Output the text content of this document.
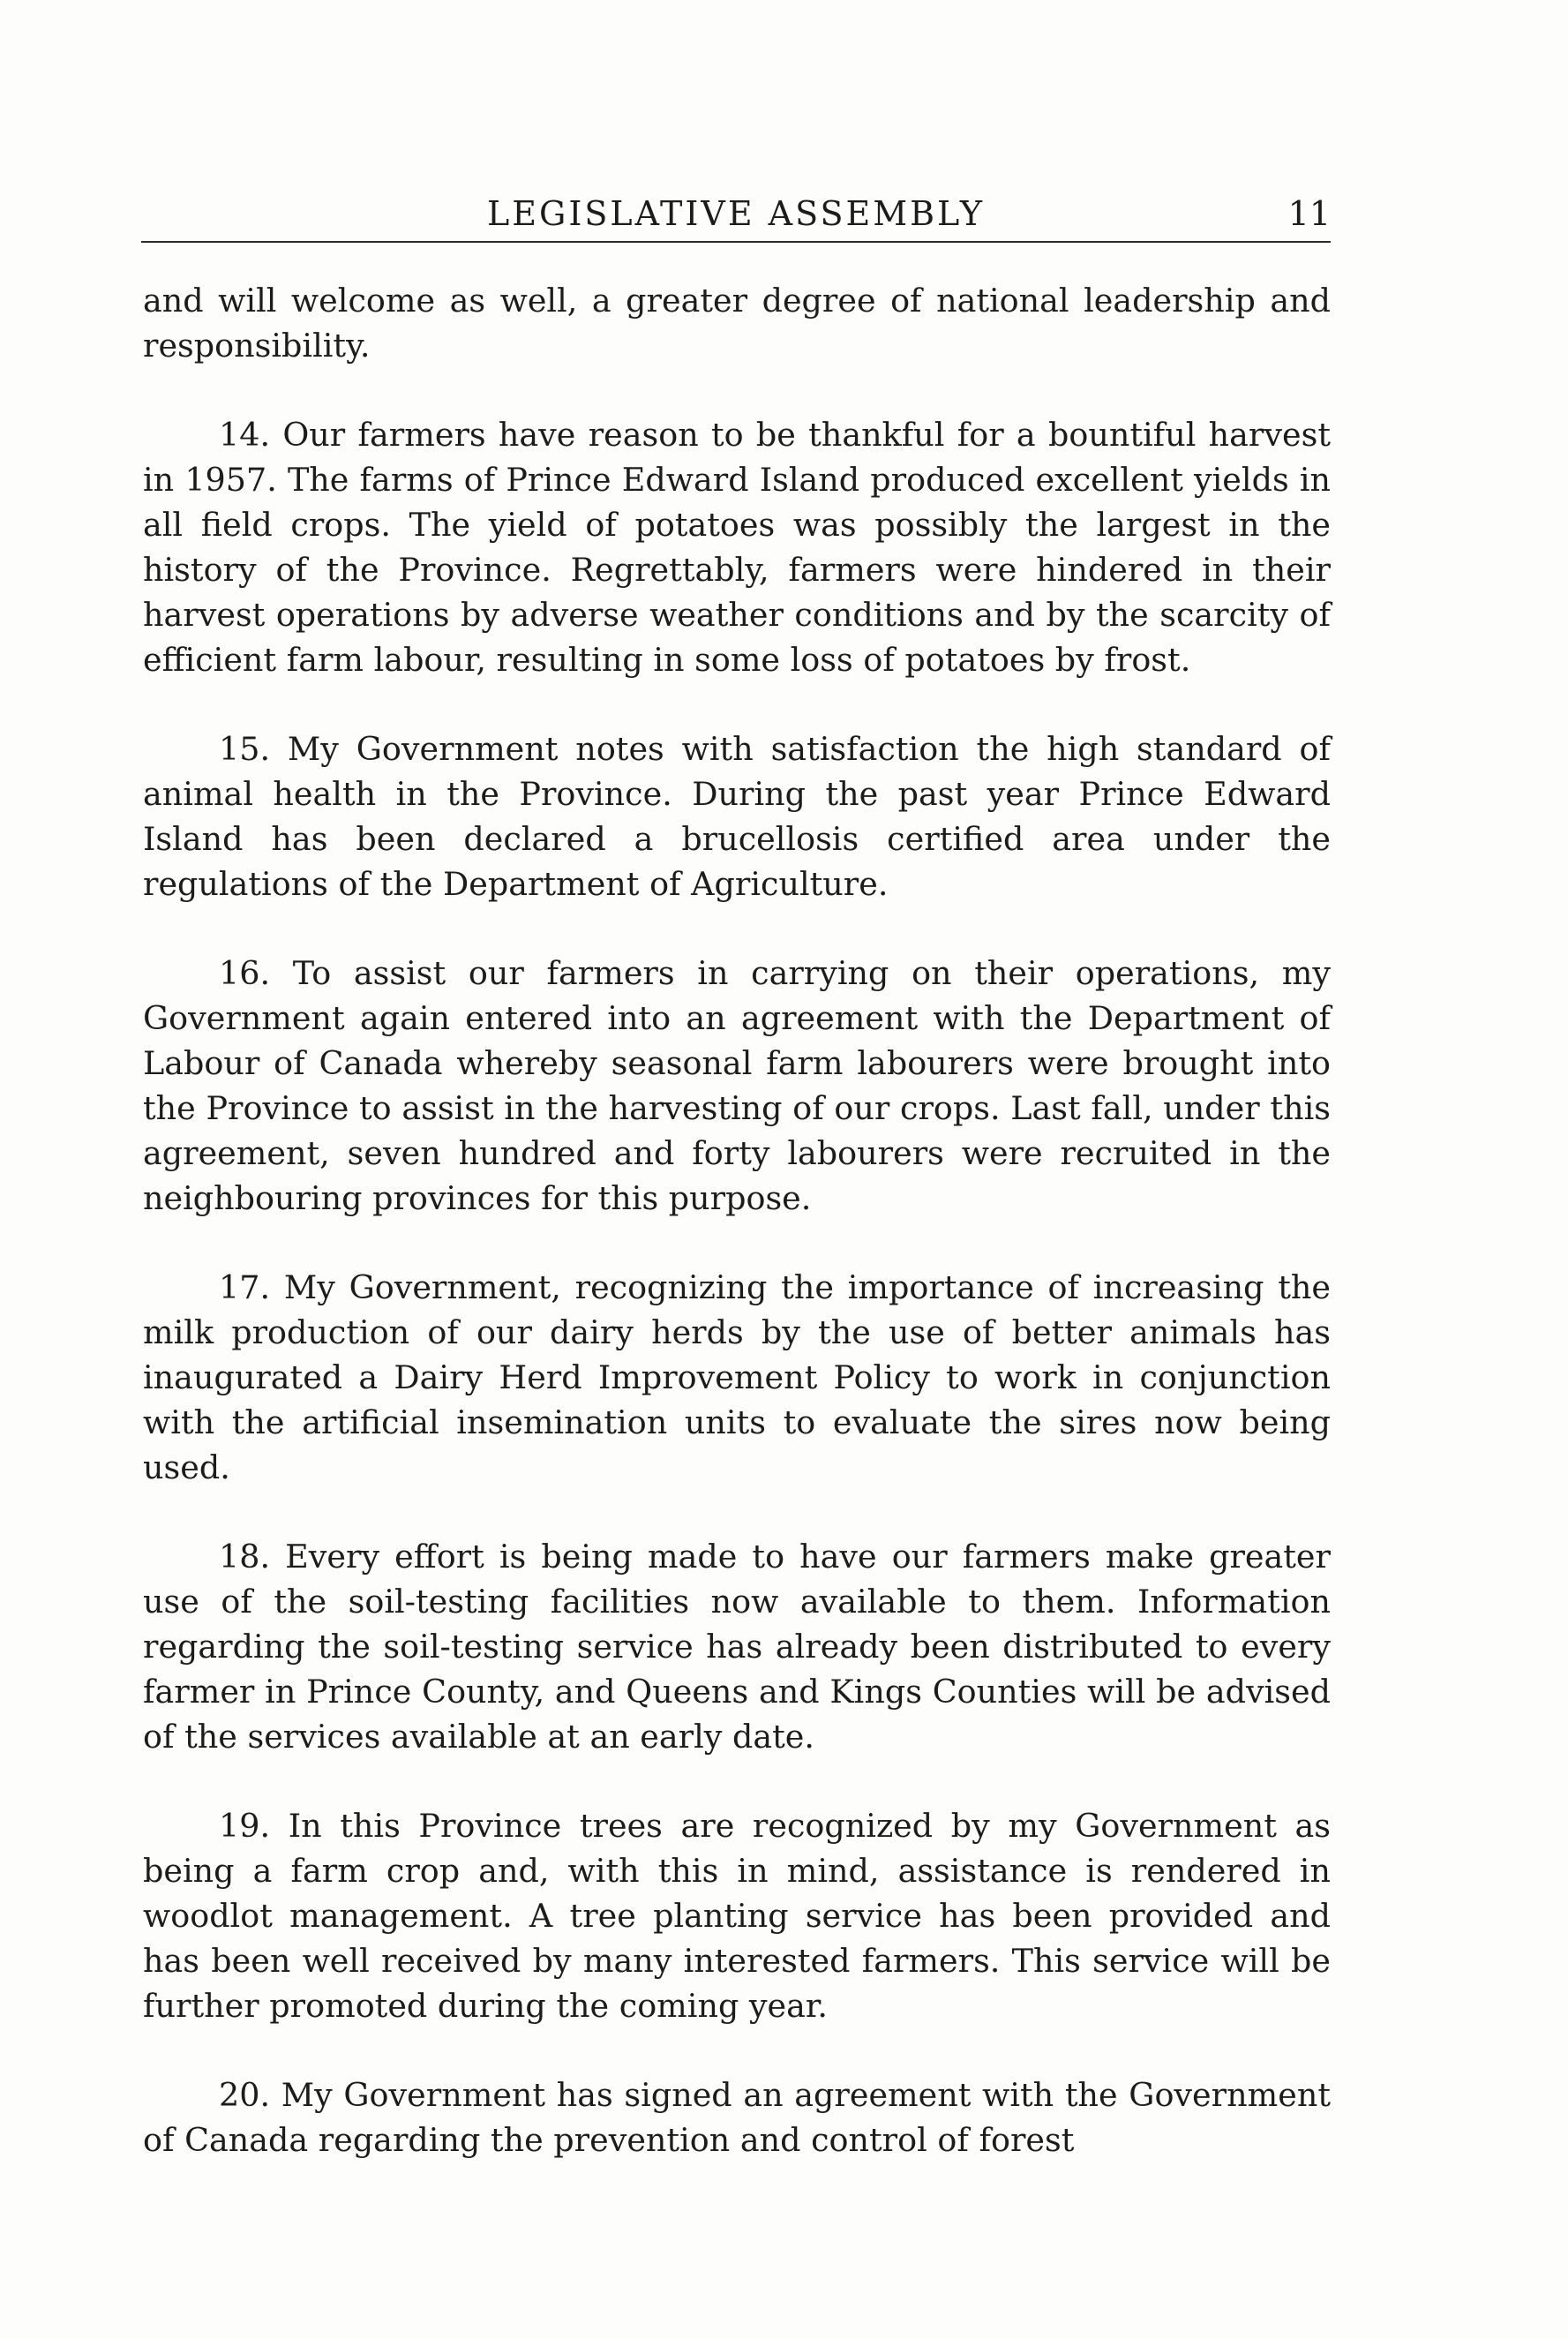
LEGISLATIVE ASSEMBLY	11

and will welcome as well, a greater degree of national leadership and responsibility.

14. Our farmers have reason to be thankful for a bountiful harvest in 1957. The farms of Prince Edward Island produced excellent yields in all field crops. The yield of potatoes was possibly the largest in the history of the Province. Regrettably, farmers were hindered in their harvest operations by adverse weather conditions and by the scarcity of efficient farm labour, resulting in some loss of potatoes by frost.

15. My Government notes with satisfaction the high standard of animal health in the Province. During the past year Prince Edward Island has been declared a brucellosis certified area under the regulations of the Department of Agriculture.

16. To assist our farmers in carrying on their operations, my Government again entered into an agreement with the Department of Labour of Canada whereby seasonal farm labourers were brought into the Province to assist in the harvesting of our crops. Last fall, under this agreement, seven hundred and forty labourers were recruited in the neighbouring provinces for this purpose.

17. My Government, recognizing the importance of increasing the milk production of our dairy herds by the use of better animals has inaugurated a Dairy Herd Improvement Policy to work in conjunction with the artificial insemination units to evaluate the sires now being used.

18. Every effort is being made to have our farmers make greater use of the soil-testing facilities now available to them. Information regarding the soil-testing service has already been distributed to every farmer in Prince County, and Queens and Kings Counties will be advised of the services available at an early date.

19. In this Province trees are recognized by my Government as being a farm crop and, with this in mind, assistance is rendered in woodlot management. A tree planting service has been provided and has been well received by many interested farmers. This service will be further promoted during the coming year.

20. My Government has signed an agreement with the Government of Canada regarding the prevention and control of forest
